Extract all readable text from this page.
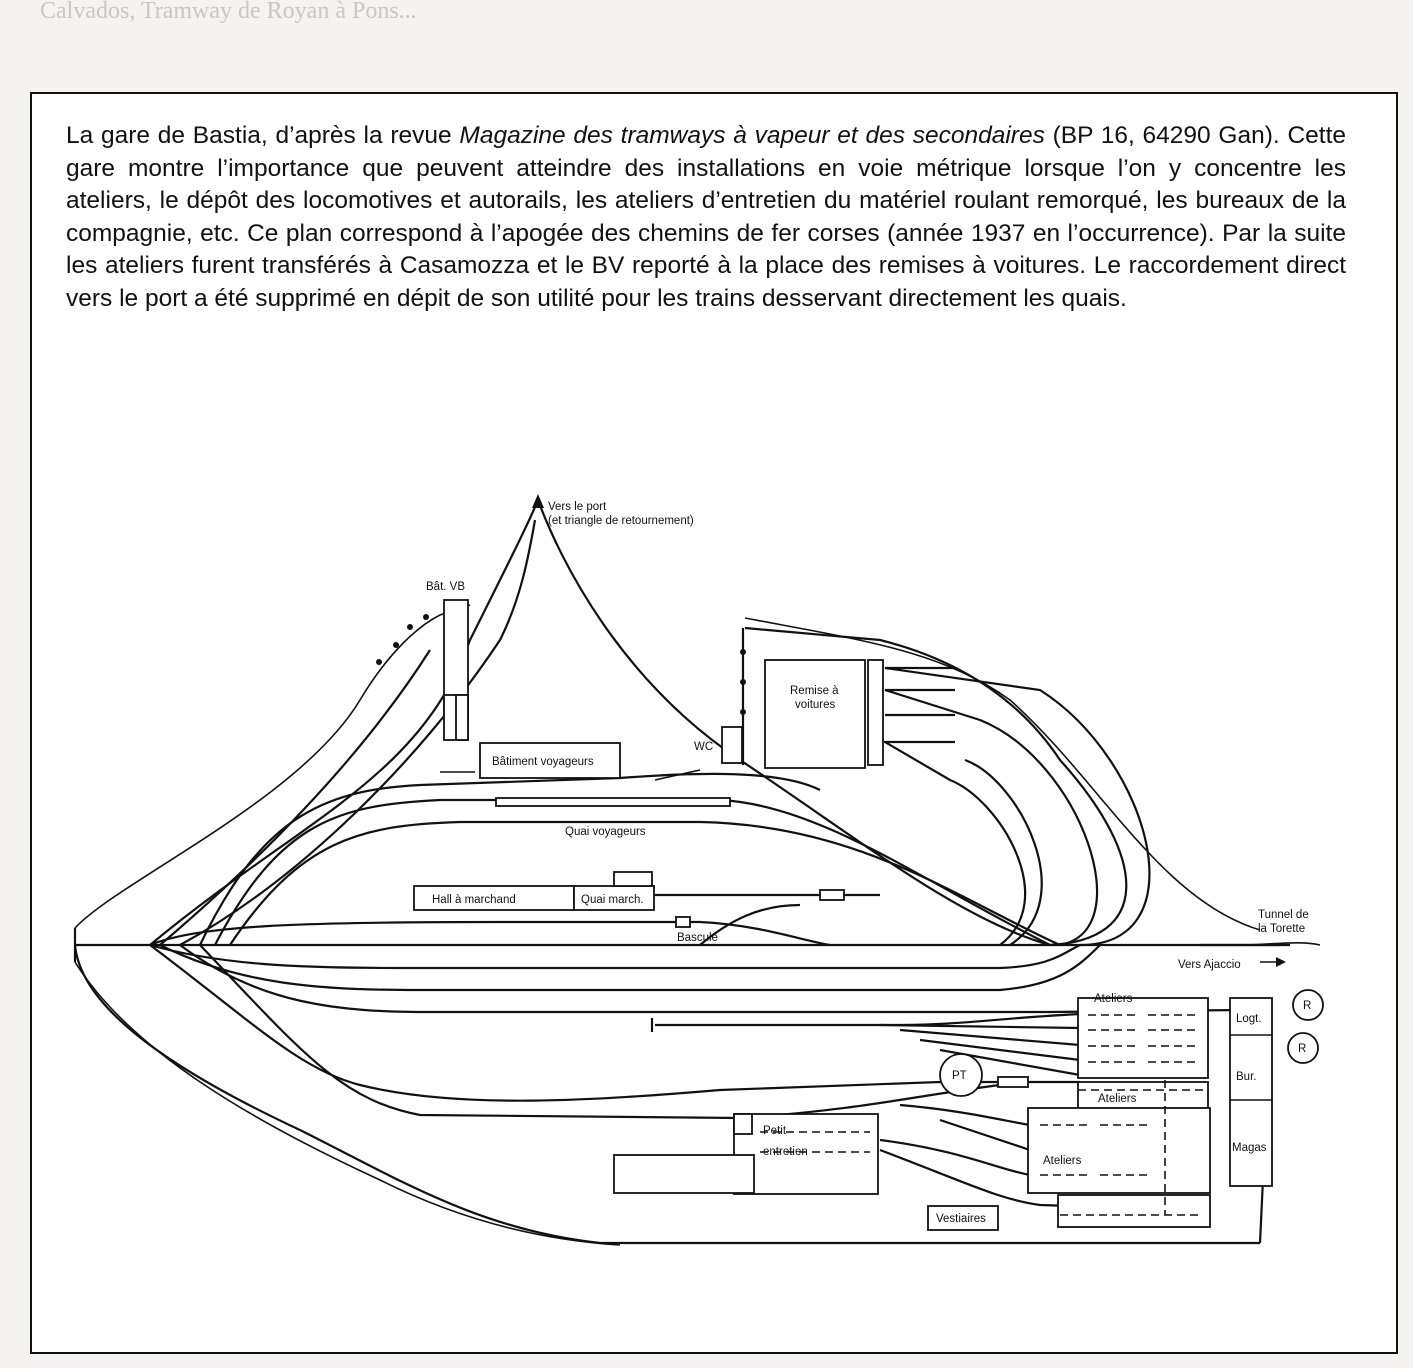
Calvados, Tramway de Royan à Pons...
La gare de Bastia, d’après la revue Magazine des tramways à vapeur et des secondaires (BP 16, 64290 Gan). Cette gare montre l’importance que peuvent atteindre des installations en voie métrique lorsque l’on y concentre les ateliers, le dépôt des locomotives et autorails, les ateliers d’entretien du matériel roulant remorqué, les bureaux de la compagnie, etc. Ce plan correspond à l’apogée des chemins de fer corses (année 1937 en l’occurrence). Par la suite les ateliers furent transférés à Casamozza et le BV reporté à la place des remises à voitures. Le raccordement direct vers le port a été supprimé en dépit de son utilité pour les trains desservant directement les quais.
Vers le port
(et triangle de retournement)
Bât. VB
WC
Bâtiment voyageurs
Remise à
voitures
Quai voyageurs
Hall à marchand	Quai march.
Bascule
Tunnel de
la Torette
Vers Ajaccio
Ateliers
Logt.
R
R
PT	Bur.
Ateliers
Petit
entretien
Ateliers
Magas
Vestiaires
